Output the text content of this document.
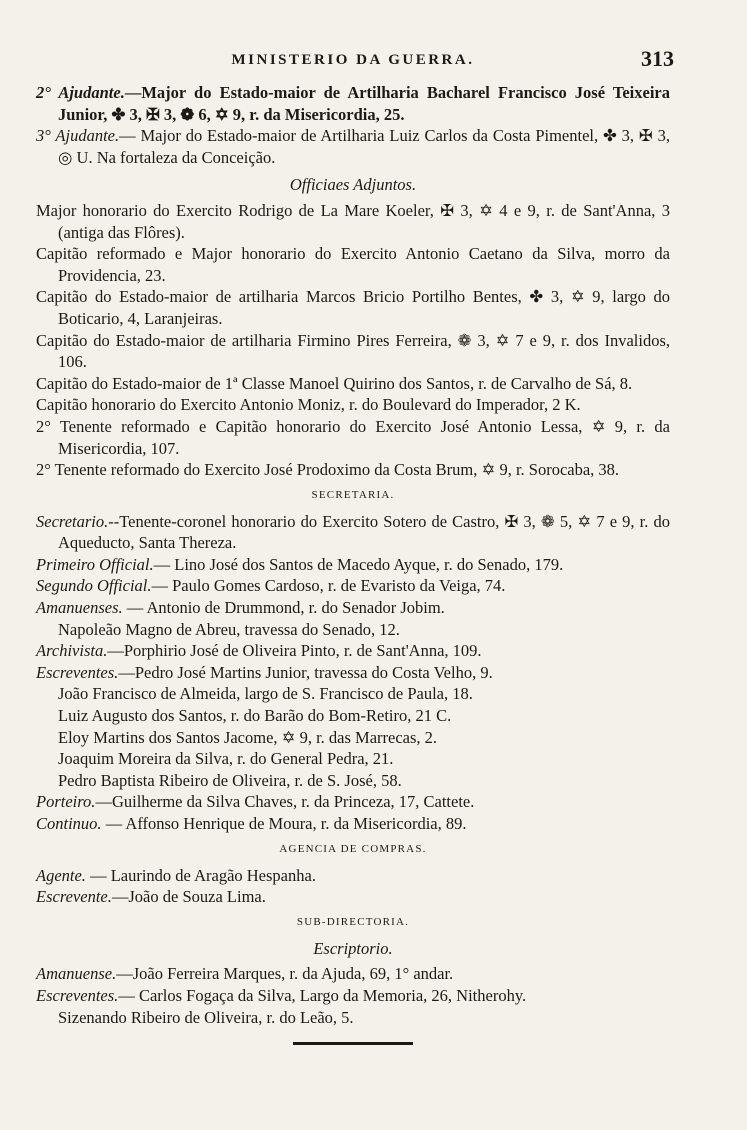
MINISTERIO DA GUERRA.	313

2° Ajudante.—Major do Estado-maior de Artilharia Bacharel Francisco José Teixeira Junior, ✤ 3, ✠ 3, ❁ 6, ✡ 9, r. da Misericordia, 25.

3° Ajudante.— Major do Estado-maior de Artilharia Luiz Carlos da Costa Pimentel, ✤ 3, ✠ 3, ◎ U. Na fortaleza da Conceição.

Officiaes Adjuntos.

Major honorario do Exercito Rodrigo de La Mare Koeler, ✠ 3, ✡ 4 e 9, r. de Sant'Anna, 3 (antiga das Flôres).

Capitão reformado e Major honorario do Exercito Antonio Caetano da Silva, morro da Providencia, 23.

Capitão do Estado-maior de artilharia Marcos Bricio Portilho Bentes, ✤ 3, ✡ 9, largo do Boticario, 4, Laranjeiras.

Capitão do Estado-maior de artilharia Firmino Pires Ferreira, ❁ 3, ✡ 7 e 9, r. dos Invalidos, 106.

Capitão do Estado-maior de 1ª Classe Manoel Quirino dos Santos, r. de Carvalho de Sá, 8.

Capitão honorario do Exercito Antonio Moniz, r. do Boulevard do Imperador, 2 K.

2° Tenente reformado e Capitão honorario do Exercito José Antonio Lessa, ✡ 9, r. da Misericordia, 107.

2° Tenente reformado do Exercito José Prodoximo da Costa Brum, ✡ 9, r. Sorocaba, 38.

SECRETARIA.

Secretario.--Tenente-coronel honorario do Exercito Sotero de Castro, ✠ 3, ❁ 5, ✡ 7 e 9, r. do Aqueducto, Santa Thereza.

Primeiro Official.— Lino José dos Santos de Macedo Ayque, r. do Senado, 179.

Segundo Official.— Paulo Gomes Cardoso, r. de Evaristo da Veiga, 74.

Amanuenses. — Antonio de Drummond, r. do Senador Jobim.

Napoleão Magno de Abreu, travessa do Senado, 12.

Archivista.—Porphirio José de Oliveira Pinto, r. de Sant'Anna, 109.

Escreventes.—Pedro José Martins Junior, travessa do Costa Velho, 9.

João Francisco de Almeida, largo de S. Francisco de Paula, 18.

Luiz Augusto dos Santos, r. do Barão do Bom-Retiro, 21 C.

Eloy Martins dos Santos Jacome, ✡ 9, r. das Marrecas, 2.

Joaquim Moreira da Silva, r. do General Pedra, 21.

Pedro Baptista Ribeiro de Oliveira, r. de S. José, 58.

Porteiro.—Guilherme da Silva Chaves, r. da Princeza, 17, Cattete.

Continuo. — Affonso Henrique de Moura, r. da Misericordia, 89.

AGENCIA DE COMPRAS.

Agente. — Laurindo de Aragão Hespanha.

Escrevente.—João de Souza Lima.

SUB-DIRECTORIA.
Escriptorio.

Amanuense.—João Ferreira Marques, r. da Ajuda, 69, 1° andar.

Escreventes.— Carlos Fogaça da Silva, Largo da Memoria, 26, Nitherohy.

Sizenando Ribeiro de Oliveira, r. do Leão, 5.
